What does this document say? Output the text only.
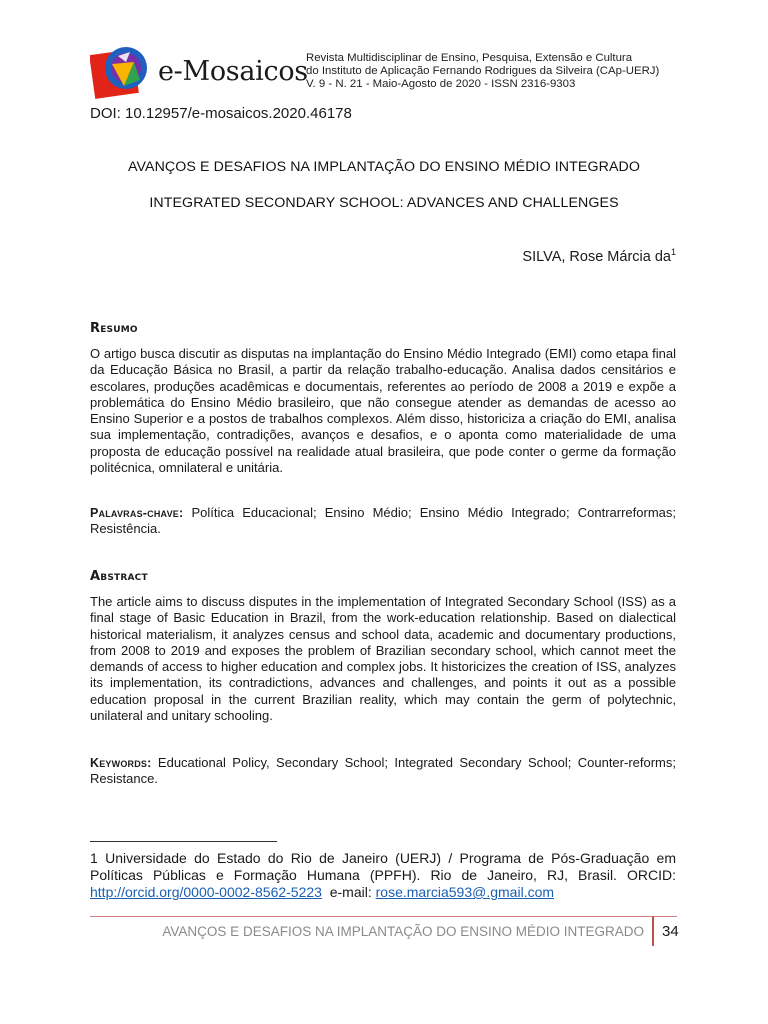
e-Mosaicos
Revista Multidisciplinar de Ensino, Pesquisa, Extensão e Cultura
do Instituto de Aplicação Fernando Rodrigues da Silveira (CAp-UERJ)
V. 9 - N. 21 - Maio-Agosto de 2020 - ISSN 2316-9303
DOI: 10.12957/e-mosaicos.2020.46178
AVANÇOS E DESAFIOS NA IMPLANTAÇÃO DO ENSINO MÉDIO INTEGRADO
INTEGRATED SECONDARY SCHOOL: ADVANCES AND CHALLENGES
SILVA, Rose Márcia $da^1$
Resumo
O artigo busca discutir as disputas na implantação do Ensino Médio Integrado (EMI) como etapa final da Educação Básica no Brasil, a partir da relação trabalho-educação. Analisa dados censitários e escolares, produções acadêmicas e documentais, referentes ao período de 2008 a 2019 e expõe a problemática do Ensino Médio brasileiro, que não consegue atender as demandas de acesso ao Ensino Superior e a postos de trabalhos complexos. Além disso, historiciza a criação do EMI, analisa sua implementação, contradições, avanços e desafios, e o aponta como materialidade de uma proposta de educação possível na realidade atual brasileira, que pode conter o germe da formação politécnica, omnilateral e unitária.
Palavras-chave: Política Educacional; Ensino Médio; Ensino Médio Integrado; Contrarreformas; Resistência.
Abstract
The article aims to discuss disputes in the implementation of Integrated Secondary School (ISS) as a final stage of Basic Education in Brazil, from the work-education relationship. Based on dialectical historical materialism, it analyzes census and school data, academic and documentary productions, from 2008 to 2019 and exposes the problem of Brazilian secondary school, which cannot meet the demands of access to higher education and complex jobs. It historicizes the creation of ISS, analyzes its implementation, its contradictions, advances and challenges, and points it out as a possible education proposal in the current Brazilian reality, which may contain the germ of polytechnic, unilateral and unitary schooling.
Keywords: Educational Policy, Secondary School; Integrated Secondary School; Counter-reforms; Resistance.
1 Universidade do Estado do Rio de Janeiro (UERJ) / Programa de Pós-Graduação em Políticas Públicas e Formação Humana (PPFH). Rio de Janeiro, RJ, Brasil. ORCID: http://orcid.org/0000-0002-8562-5223  e-mail: rose.marcia593@.gmail.com
AVANÇOS E DESAFIOS NA IMPLANTAÇÃO DO ENSINO MÉDIO INTEGRADO 34
